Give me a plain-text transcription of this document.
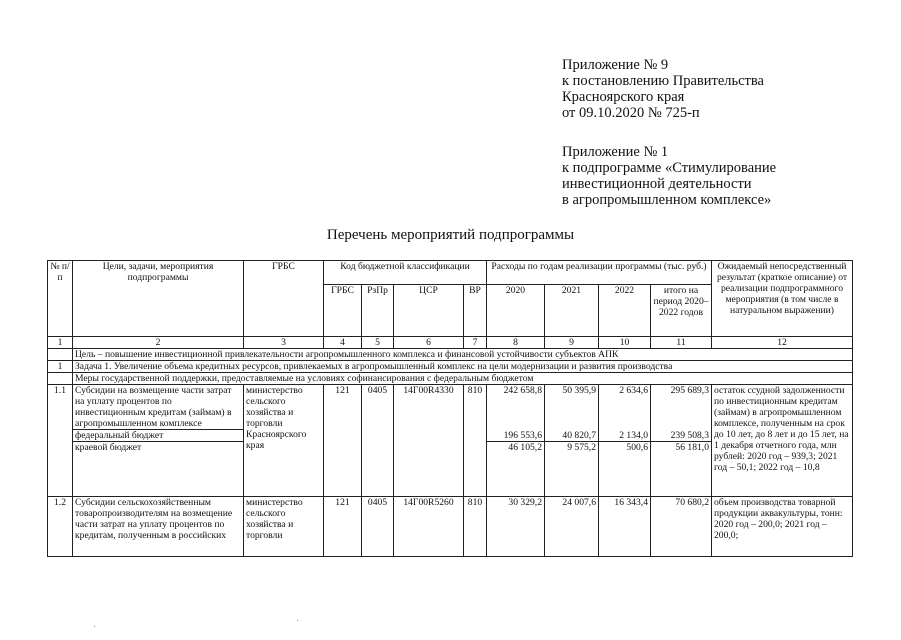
Приложение № 9
к постановлению Правительства
Красноярского края
от 09.10.2020 № 725-п
Приложение № 1
к подпрограмме «Стимулирование
инвестиционной деятельности
в агропромышленном комплексе»
Перечень мероприятий подпрограммы
№ п/п	Цели, задачи, мероприятия подпрограммы	ГРБС	Код бюджетной классификации				Расходы по годам реализации программы (тыс. руб.)				Ожидаемый непосредственный результат (краткое описание) от реализации подпрограммного мероприятия (в том числе в натуральном выражении)
			ГРБС	РзПр	ЦСР	ВР	2020	2021	2022	итого на период 2020–2022 годов	
1	2	3	4	5	6	7	8	9	10	11	12
	Цель – повышение инвестиционной привлекательности агропромышленного комплекса и финансовой устойчивости субъектов АПК										
1	Задача 1. Увеличение объема кредитных ресурсов, привлекаемых в агропромышленный комплекс на цели модернизации и развития производства										
	Меры государственной поддержки, предоставляемые на условиях софинансирования с федеральным бюджетом										
1.1	Субсидии на возмещение части затрат на уплату процентов по инвестиционным кредитам (займам) в агропромышленном комплексе	министерство сельского хозяйства и торговли Красноярского края	121	0405	14Г00R4330	810	242 658,8	50 395,9	2 634,6	295 689,3	остаток ссудной задолженности по инвестиционным кредитам (займам) в агропромышленном комплексе, полученным на срок до 10 лет, до 8 лет и до 15 лет, на 1 декабря отчетного года, млн рублей: 2020 год – 939,3; 2021 год – 50,1; 2022 год – 10,8
	федеральный бюджет						196 553,6	40 820,7	2 134,0	239 508,3	
	краевой бюджет						46 105,2	9 575,2	500,6	56 181,0	
1.2	Субсидии сельскохозяйственным товаропроизводителям на возмещение части затрат на уплату процентов по кредитам, полученным в российских	министерство сельского хозяйства и торговли	121	0405	14Г00R5260	810	30 329,2	24 007,6	16 343,4	70 680,2	объем производства товарной продукции аквакультуры, тонн: 2020 год – 200,0; 2021 год – 200,0;
·
·
